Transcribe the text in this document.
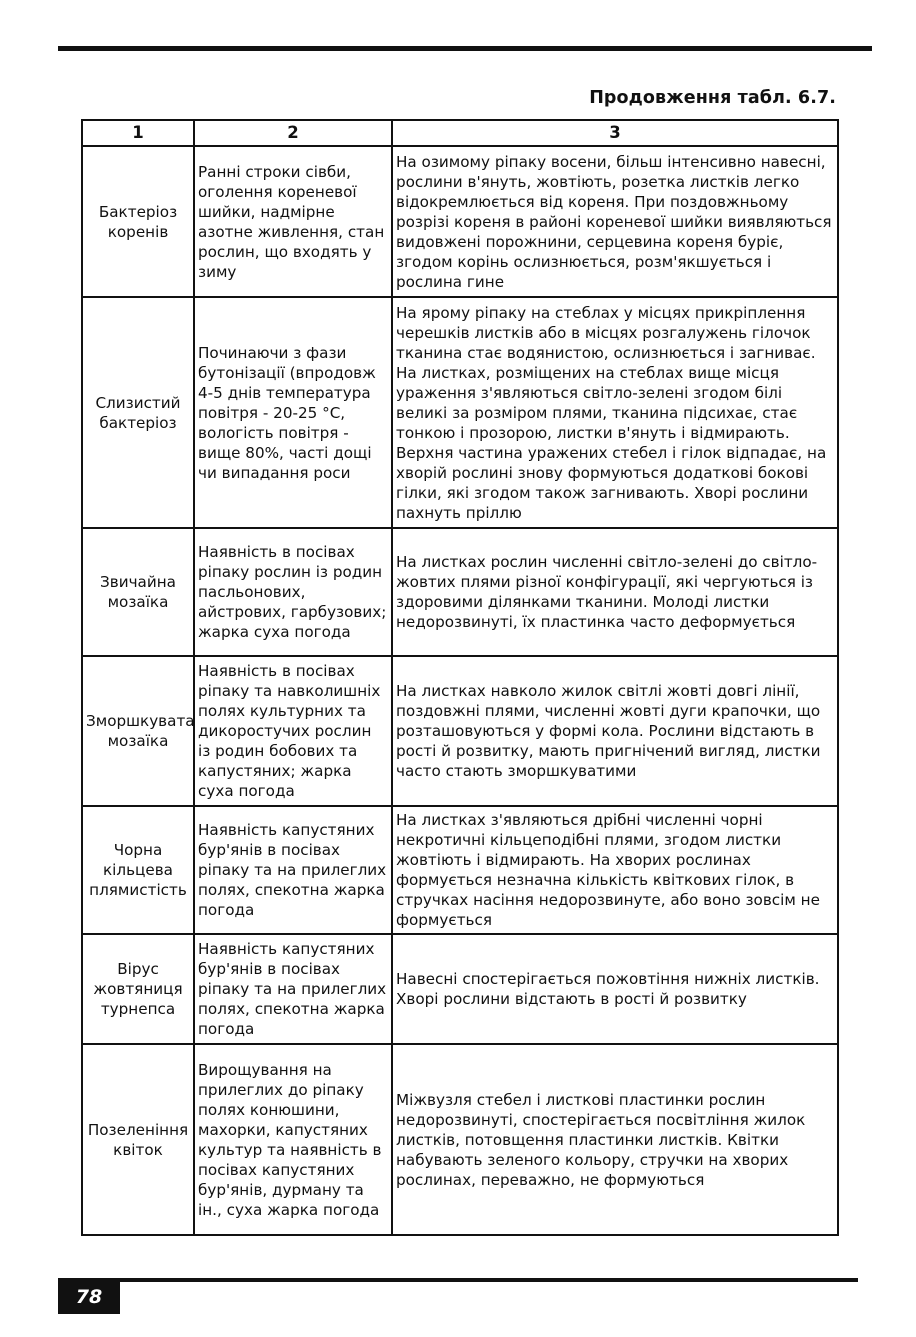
Продовження табл. 6.7.
1	2	3
Бактеріоз коренів	Ранні строки сівби, оголення кореневої шийки, надмірне азотне живлення, стан рослин, що входять у зиму	На озимому ріпаку восени, більш інтенсивно навесні, рослини в'януть, жовтіють, розетка листків легко відокремлюється від кореня. При поздовжньому розрізі кореня в районі кореневої шийки виявляються видовжені порожнини, серцевина кореня буріє, згодом корінь ослизнюється, розм'якшується і рослина гине
Слизистий бактеріоз	Починаючи з фази бутонізації (впродовж 4-5 днів температура повітря - 20-25 °С, вологість повітря - вище 80%, часті дощі чи випадання роси	На ярому ріпаку на стеблах у місцях прикріплення черешків листків або в місцях розгалужень гілочок тканина стає водянистою, ослизнюється і загниває. На листках, розміщених на стеблах вище місця ураження з'являються світло-зелені згодом білі великі за розміром плями, тканина підсихає, стає тонкою і прозорою, листки в'януть і відмирають. Верхня частина уражених стебел і гілок відпадає, на хворій рослині знову формуються додаткові бокові гілки, які згодом також загнивають. Хворі рослини пахнуть пріллю
Звичайна мозаїка	Наявність в посівах ріпаку рослин із родин пасльонових, айстрових, гарбузових; жарка суха погода	На листках рослин численні світло-зелені до світло-жовтих плями різної конфігурації, які чергуються із здоровими ділянками тканини. Молоді листки недорозвинуті, їх пластинка часто деформується
Зморшкувата мозаїка	Наявність в посівах ріпаку та навколишніх полях культурних та дикоростучих рослин із родин бобових та капустяних; жарка суха погода	На листках навколо жилок світлі жовті довгі лінії, поздовжні плями, численні жовті дуги крапочки, що розташовуються у формі кола. Рослини відстають в рості й розвитку, мають пригнічений вигляд, листки часто стають зморшкуватими
Чорна кільцева плямистість	Наявність капустяних бур'янів в посівах ріпаку та на прилеглих полях, спекотна жарка погода	На листках з'являються дрібні численні чорні некротичні кільцеподібні плями, згодом листки жовтіють і відмирають. На хворих рослинах формується незначна кількість квіткових гілок, в стручках насіння недорозвинуте, або воно зовсім не формується
Вірус жовтяниця турнепса	Наявність капустяних бур'янів в посівах ріпаку та на прилеглих полях, спекотна жарка погода	Навесні спостерігається пожовтіння нижніх листків. Хворі рослини відстають в рості й розвитку
Позеленіння квіток	Вирощування на прилеглих до ріпаку полях конюшини, махорки, капустяних культур та наявність в посівах капустяних бур'янів, дурману та ін., суха жарка погода	Міжвузля стебел і листкові пластинки рослин недорозвинуті, спостерігається посвітління жилок листків, потовщення пластинки листків. Квітки набувають зеленого кольору, стручки на хворих рослинах, переважно, не формуються
78
